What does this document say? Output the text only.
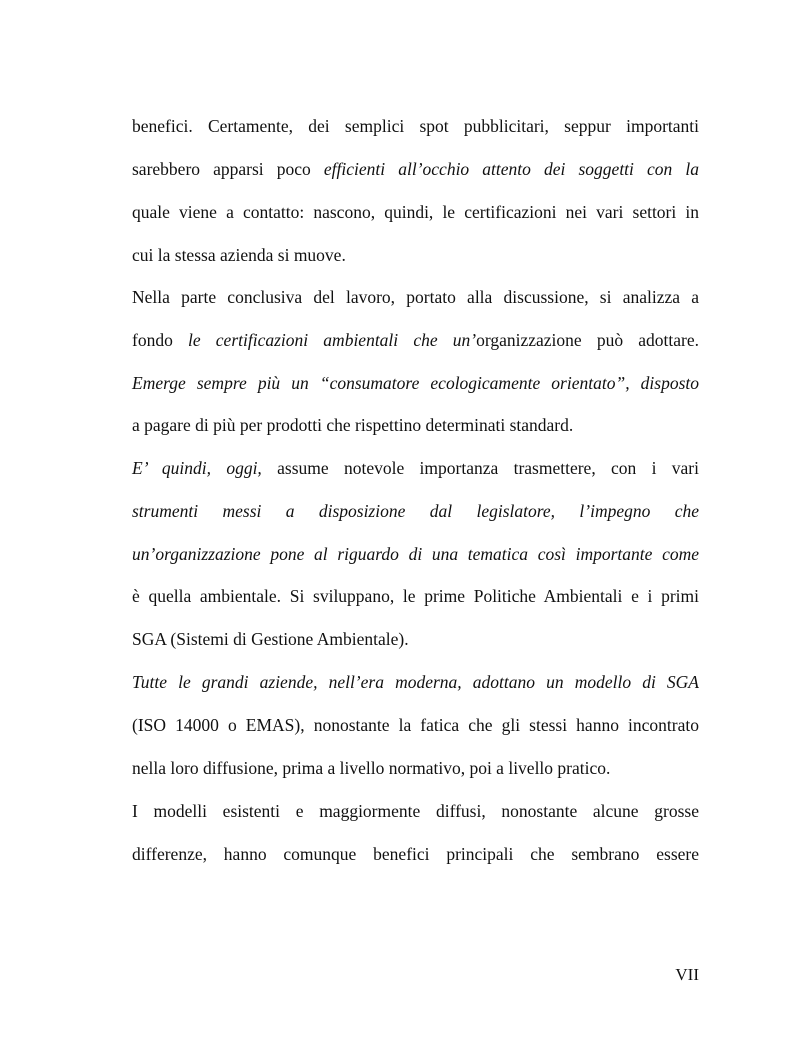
benefici. Certamente, dei semplici spot pubblicitari, seppur importanti
sarebbero apparsi poco efficienti all’occhio attento dei soggetti con la
quale viene a contatto: nascono, quindi, le certificazioni nei vari settori in
cui la stessa azienda si muove.
Nella parte conclusiva del lavoro, portato alla discussione, si analizza a
fondo le certificazioni ambientali che un’organizzazione può adottare.
Emerge sempre più un “consumatore ecologicamente orientato”, disposto
a pagare di più per prodotti che rispettino determinati standard.
E’ quindi, oggi, assume notevole importanza trasmettere, con i vari
strumenti messi a disposizione dal legislatore, l’impegno che
un’organizzazione pone al riguardo di una tematica così importante come
è quella ambientale. Si sviluppano, le prime Politiche Ambientali e i primi
SGA (Sistemi di Gestione Ambientale).
Tutte le grandi aziende, nell’era moderna, adottano un modello di SGA
(ISO 14000 o EMAS), nonostante la fatica che gli stessi hanno incontrato
nella loro diffusione, prima a livello normativo, poi a livello pratico.
I modelli esistenti e maggiormente diffusi, nonostante alcune grosse
differenze, hanno comunque benefici principali che sembrano essere
VII
